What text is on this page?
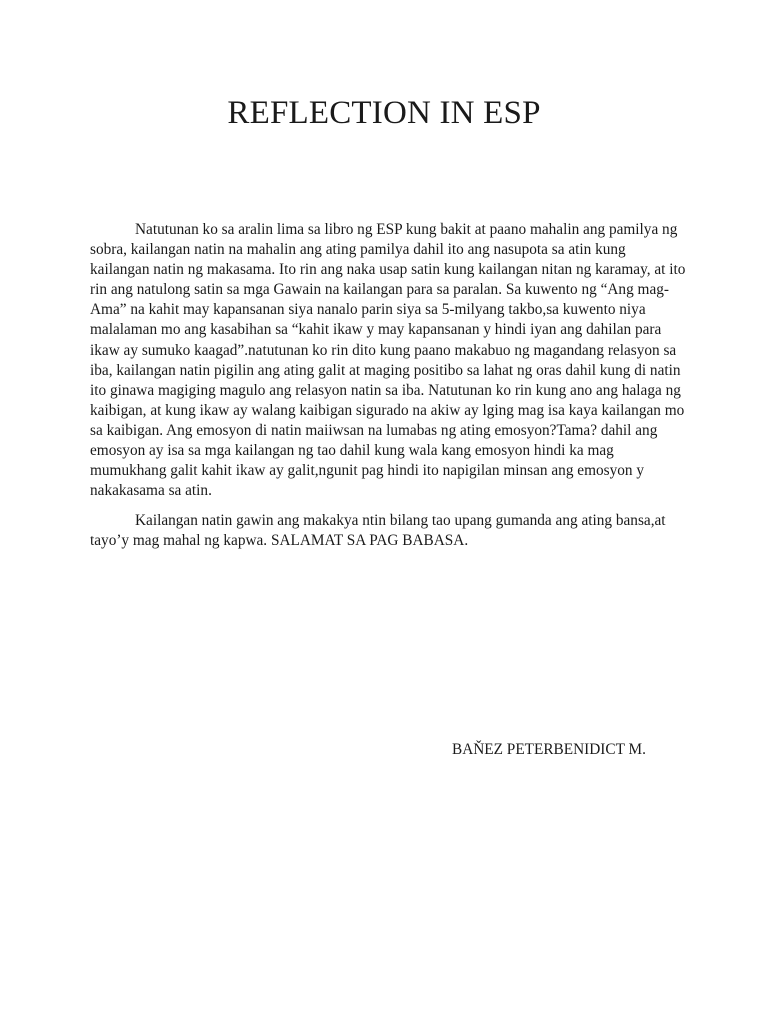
REFLECTION IN ESP

Natutunan ko sa aralin lima sa libro ng ESP kung bakit at paano mahalin ang pamilya ng
sobra, kailangan natin na mahalin ang ating pamilya dahil ito ang nasupota sa atin kung
kailangan natin ng makasama. Ito rin ang naka usap satin kung kailangan nitan ng karamay, at ito
rin ang natulong satin sa mga Gawain na kailangan para sa paralan. Sa kuwento ng “Ang mag-
Ama” na kahit may kapansanan siya nanalo parin siya sa 5-milyang takbo,sa kuwento niya
malalaman mo ang kasabihan sa “kahit ikaw y may kapansanan y hindi iyan ang dahilan para
ikaw ay sumuko kaagad”.natutunan ko rin dito kung paano makabuo ng magandang relasyon sa
iba, kailangan natin pigilin ang ating galit at maging positibo sa lahat ng oras dahil kung di natin
ito ginawa magiging magulo ang relasyon natin sa iba. Natutunan ko rin kung ano ang halaga ng
kaibigan, at kung ikaw ay walang kaibigan sigurado na akiw ay lging mag isa kaya kailangan mo
sa kaibigan. Ang emosyon di natin maiiwsan na lumabas ng ating emosyon?Tama? dahil ang
emosyon ay isa sa mga kailangan ng tao dahil kung wala kang emosyon hindi ka mag
mumukhang galit kahit ikaw ay galit,ngunit pag hindi ito napigilan minsan ang emosyon y
nakakasama sa atin.

Kailangan natin gawin ang makakya ntin bilang tao upang gumanda ang ating bansa,at
tayo’y mag mahal ng kapwa. SALAMAT SA PAG BABASA.

BAŇEZ PETERBENIDICT M.
